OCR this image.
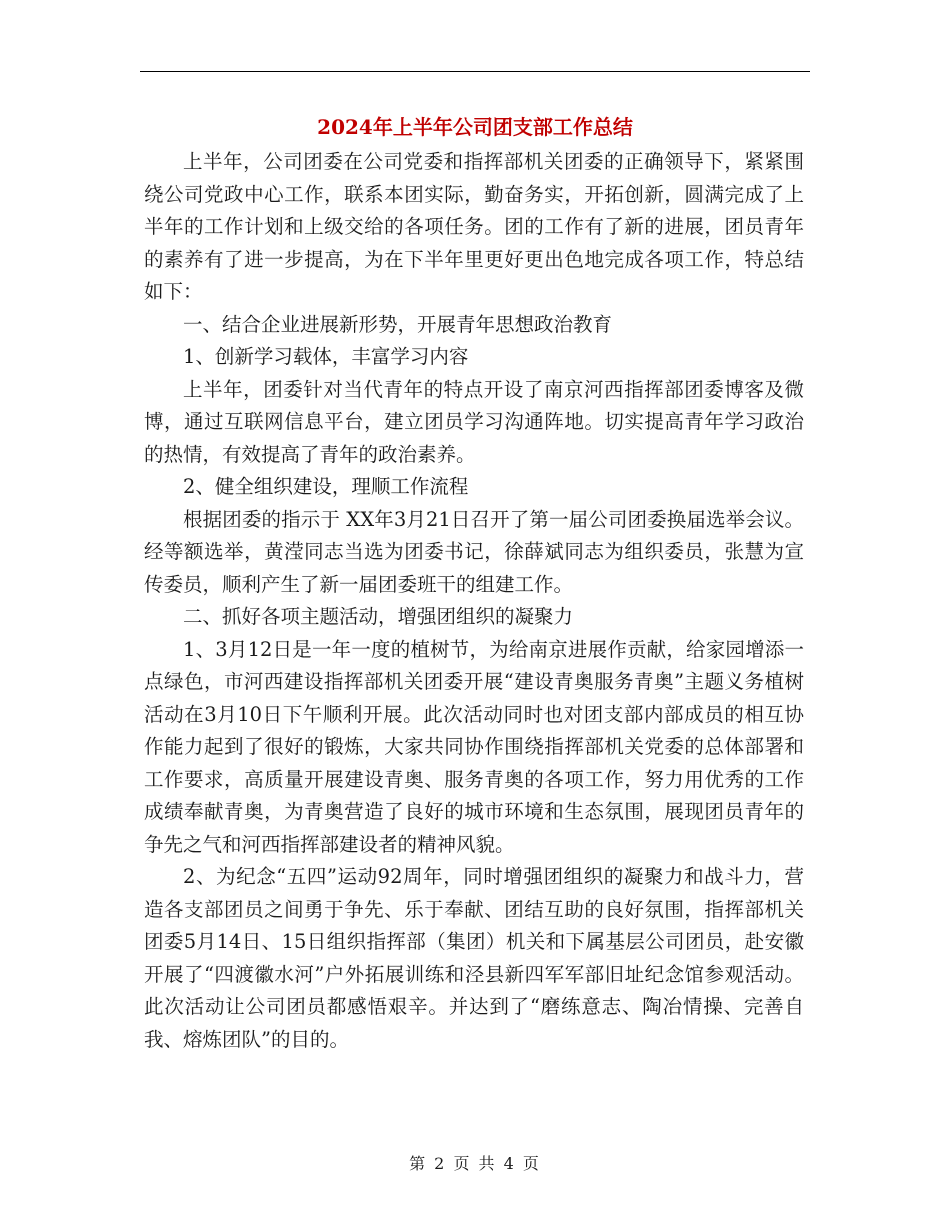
2024年上半年公司团支部工作总结

上半年，公司团委在公司党委和指挥部机关团委的正确领导下，紧紧围绕公司党政中心工作，联系本团实际，勤奋务实，开拓创新，圆满完成了上半年的工作计划和上级交给的各项任务。团的工作有了新的进展，团员青年的素养有了进一步提高，为在下半年里更好更出色地完成各项工作，特总结如下：

一、结合企业进展新形势，开展青年思想政治教育

1、创新学习载体，丰富学习内容

上半年，团委针对当代青年的特点开设了南京河西指挥部团委博客及微博，通过互联网信息平台，建立团员学习沟通阵地。切实提高青年学习政治的热情，有效提高了青年的政治素养。

2、健全组织建设，理顺工作流程

根据团委的指示于 XX年3月21日召开了第一届公司团委换届选举会议。经等额选举，黄滢同志当选为团委书记，徐薛斌同志为组织委员，张慧为宣传委员，顺利产生了新一届团委班干的组建工作。

二、抓好各项主题活动，增强团组织的凝聚力

1、3月12日是一年一度的植树节，为给南京进展作贡献，给家园增添一点绿色，市河西建设指挥部机关团委开展“建设青奥服务青奥”主题义务植树活动在3月10日下午顺利开展。此次活动同时也对团支部内部成员的相互协作能力起到了很好的锻炼，大家共同协作围绕指挥部机关党委的总体部署和工作要求，高质量开展建设青奥、服务青奥的各项工作，努力用优秀的工作成绩奉献青奥，为青奥营造了良好的城市环境和生态氛围，展现团员青年的争先之气和河西指挥部建设者的精神风貌。

2、为纪念“五四”运动92周年，同时增强团组织的凝聚力和战斗力，营造各支部团员之间勇于争先、乐于奉献、团结互助的良好氛围，指挥部机关团委5月14日、15日组织指挥部（集团）机关和下属基层公司团员，赴安徽开展了“四渡徽水河”户外拓展训练和泾县新四军军部旧址纪念馆参观活动。此次活动让公司团员都感悟艰辛。并达到了“磨练意志、陶冶情操、完善自我、熔炼团队”的目的。

第 2 页 共 4 页
